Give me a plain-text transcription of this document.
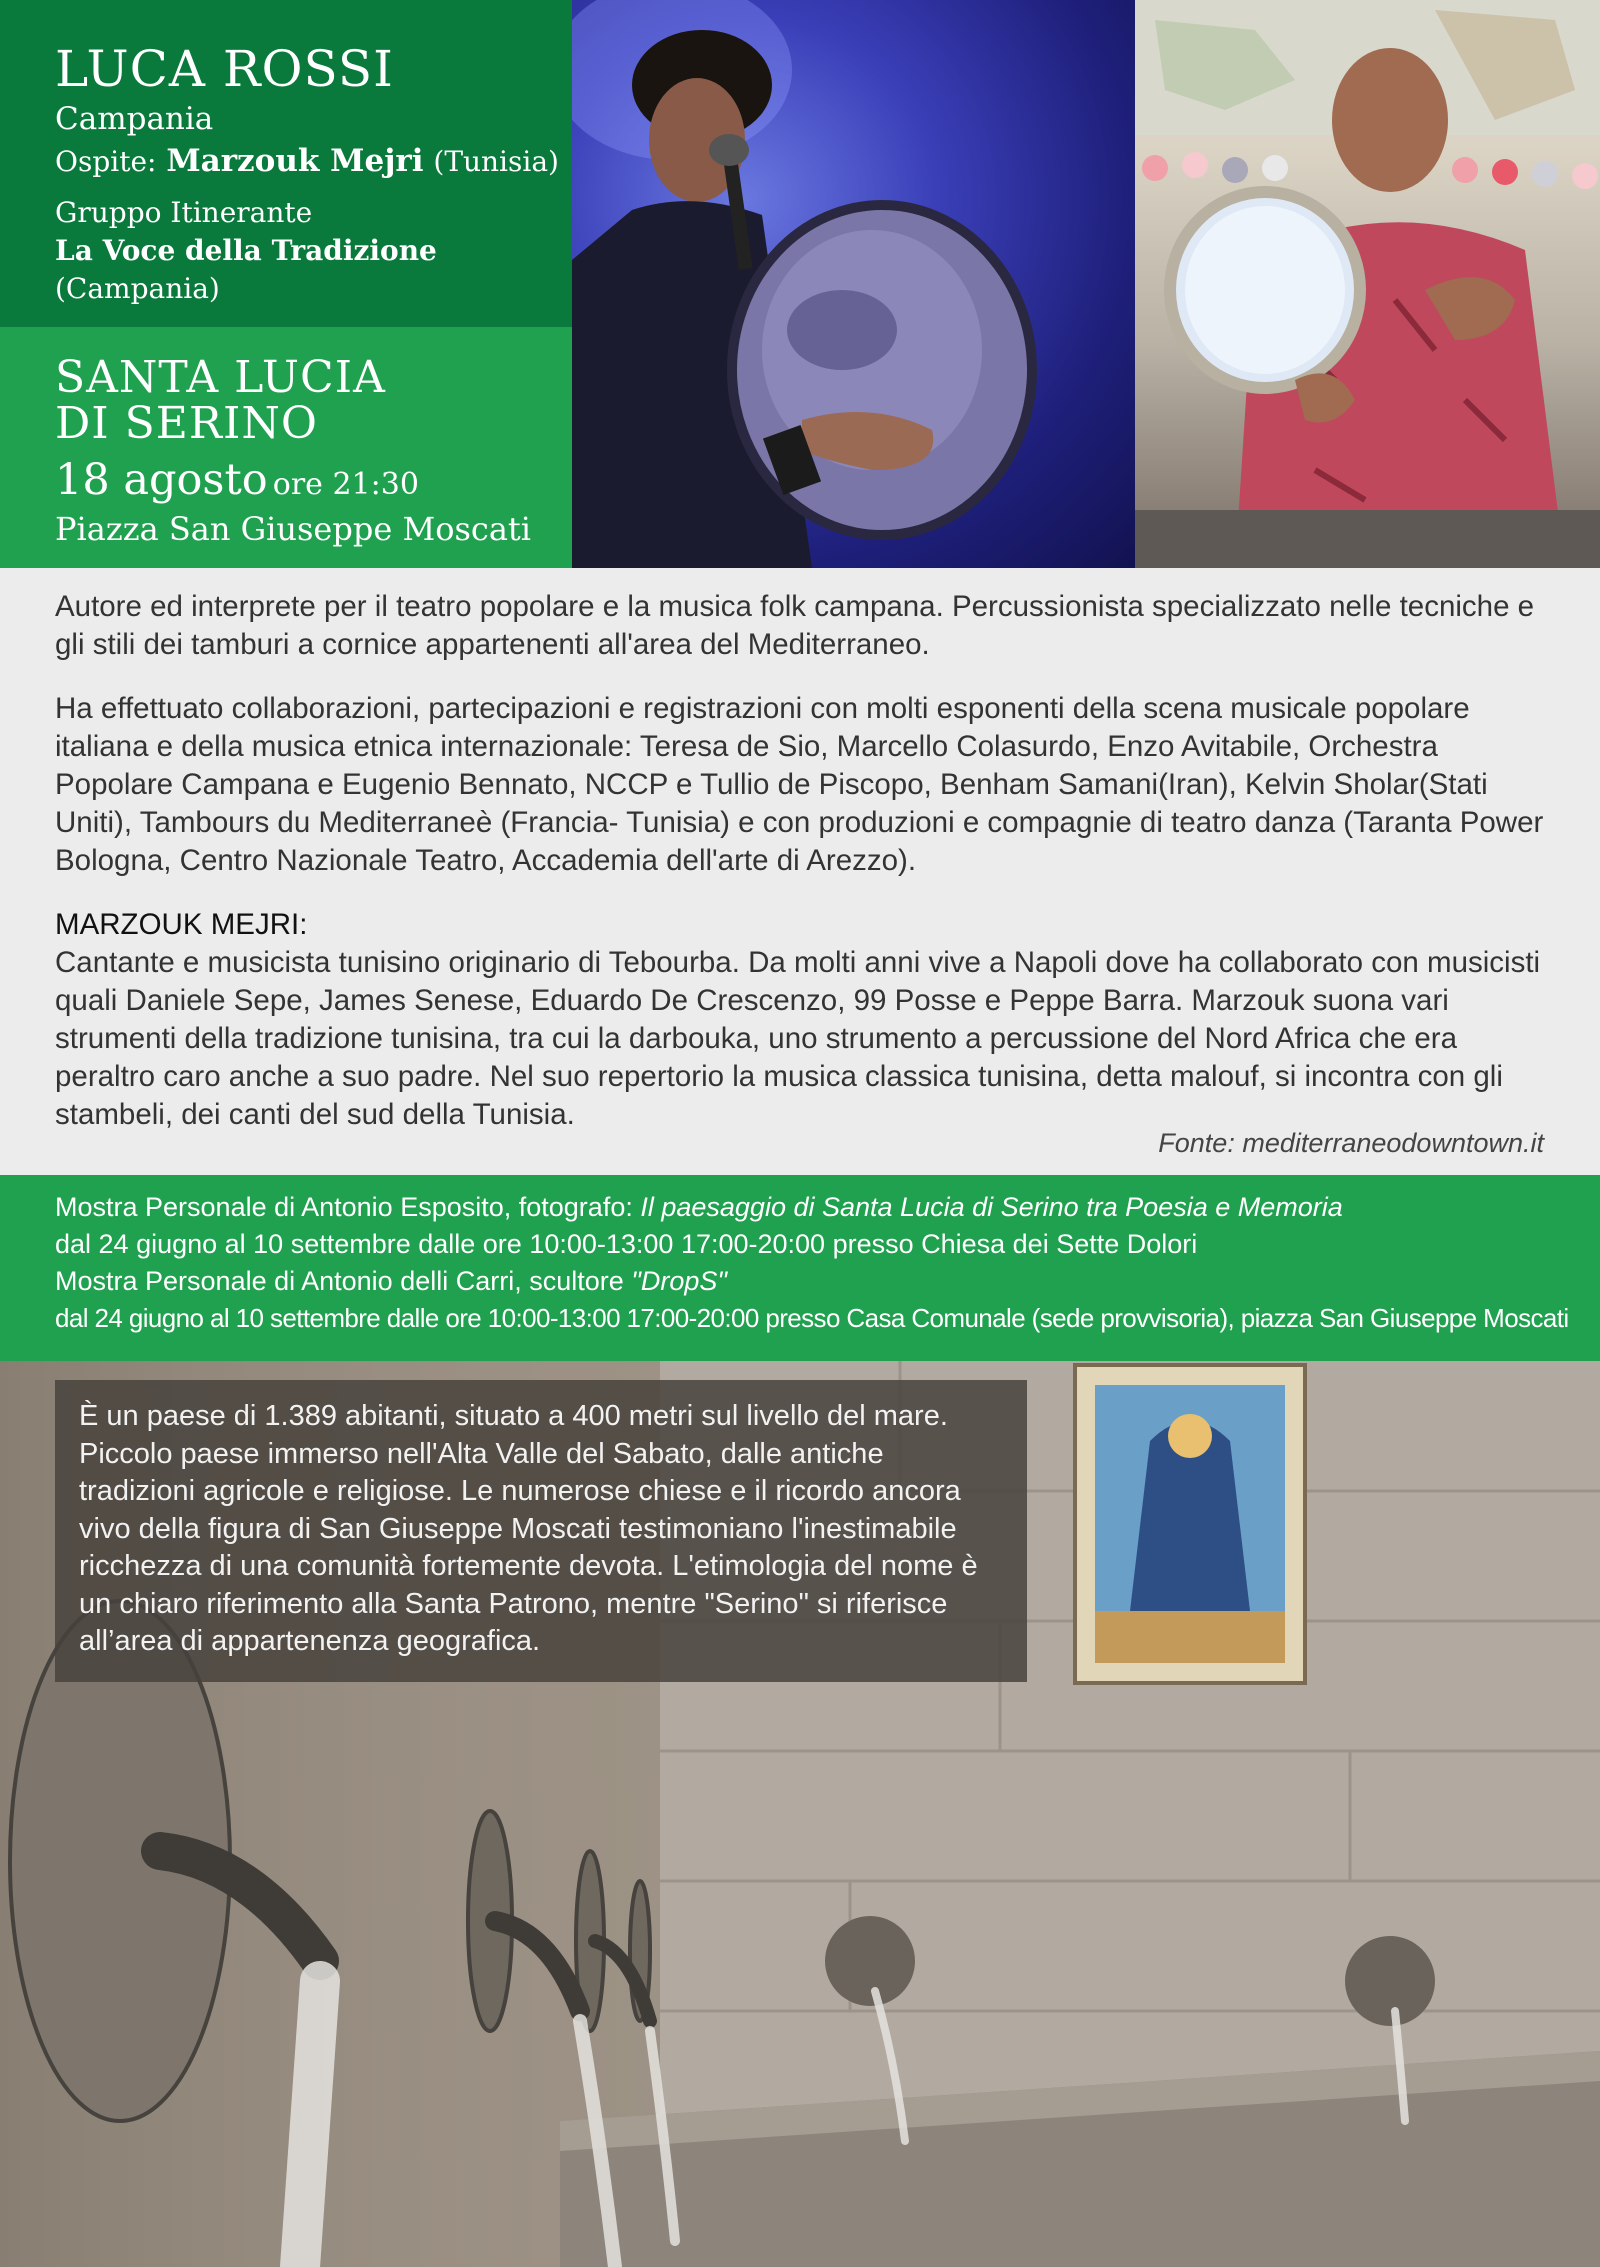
LUCA ROSSI
Campania
Ospite: Marzouk Mejri (Tunisia)
Gruppo Itinerante
La Voce della Tradizione
(Campania)
SANTA LUCIA
DI SERINO
18 agosto ore 21:30
Piazza San Giuseppe Moscati

Autore ed interprete per il teatro popolare e la musica folk campana. Percussionista specializzato nelle tecniche e gli stili dei tamburi a cornice appartenenti all'area del Mediterraneo.

Ha effettuato collaborazioni, partecipazioni e registrazioni con molti esponenti della scena musicale popolare italiana e della musica etnica internazionale: Teresa de Sio, Marcello Colasurdo, Enzo Avitabile, Orchestra Popolare Campana e Eugenio Bennato, NCCP e Tullio de Piscopo, Benham Samani(Iran), Kelvin Sholar(Stati Uniti), Tambours du Mediterraneè (Francia- Tunisia) e con produzioni e compagnie di teatro danza (Taranta Power Bologna, Centro Nazionale Teatro, Accademia dell'arte di Arezzo).

MARZOUK MEJRI:

Cantante e musicista tunisino originario di Tebourba. Da molti anni vive a Napoli dove ha collaborato con musicisti quali Daniele Sepe, James Senese, Eduardo De Crescenzo, 99 Posse e Peppe Barra. Marzouk suona vari strumenti della tradizione tunisina, tra cui la darbouka, uno strumento a percussione del Nord Africa che era peraltro caro anche a suo padre. Nel suo repertorio la musica classica tunisina, detta malouf, si incontra con gli stambeli, dei canti del sud della Tunisia.

Fonte: mediterraneodowntown.it
Mostra Personale di Antonio Esposito, fotografo: Il paesaggio di Santa Lucia di Serino tra Poesia e Memoria
dal 24 giugno al 10 settembre dalle ore 10:00-13:00 17:00-20:00 presso Chiesa dei Sette Dolori
Mostra Personale di Antonio delli Carri, scultore "DropS"
dal 24 giugno al 10 settembre dalle ore 10:00-13:00 17:00-20:00 presso Casa Comunale (sede provvisoria), piazza San Giuseppe Moscati

È un paese di 1.389 abitanti, situato a 400 metri sul livello del mare. Piccolo paese immerso nell'Alta Valle del Sabato, dalle antiche tradizioni agricole e religiose. Le numerose chiese e il ricordo ancora vivo della figura di San Giuseppe Moscati testimoniano l'inestimabile ricchezza di una comunità fortemente devota. L'etimologia del nome è un chiaro riferimento alla Santa Patrono, mentre "Serino" si riferisce all’area di appartenenza geografica.
